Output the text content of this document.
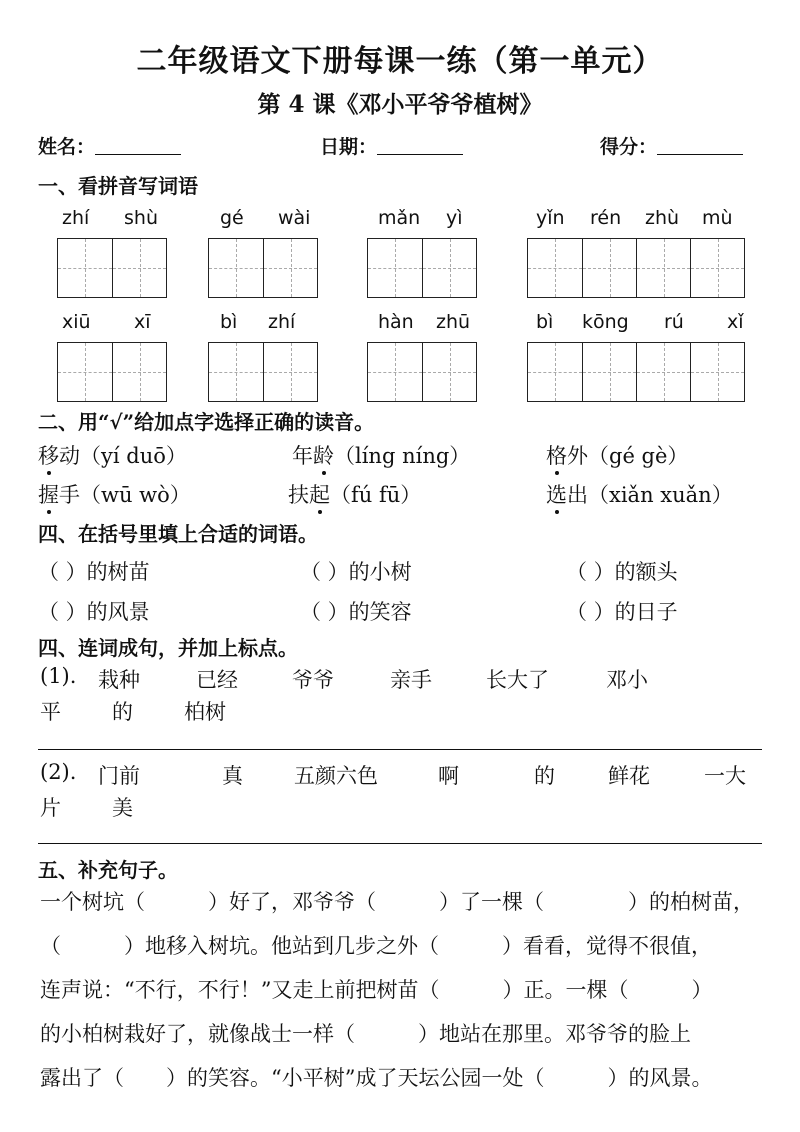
二年级语文下册每课一练（第一单元）
第 4 课《邓小平爷爷植树》
姓名：	日期：	得分：
一、看拼音写词语
zhí shù	gé wài	mǎn yì	yǐn rén zhù mù
xiū xī	bì zhí	hàn zhū	bì kōng rú xǐ
二、用“√”给加点字选择正确的读音。
移动（yí duō）	年龄（líng níng）	格外（gé gè）
握手（wū wò）	扶起（fú fū）	选出（xiǎn xuǎn）
四、在括号里填上合适的词语。
（ ）的树苗	（ ）的小树	（ ）的额头
（ ）的风景	（ ）的笑容	（ ）的日子
四、连词成句，并加上标点。
(1). 栽种	已经	爷爷	亲手	长大了	邓小
平 的 柏树
(2). 门前	真 五颜六色	啊	的	鲜花	一大
片 美
五、补充句子。
一个树坑（　　　）好了，邓爷爷（　　　）了一棵（　　　　）的柏树苗，
（　　　）地移入树坑。他站到几步之外（　　　）看看，觉得不很值，
连声说：“不行，不行！”又走上前把树苗（　　　）正。一棵（　　　）
的小柏树栽好了，就像战士一样（　　　）地站在那里。邓爷爷的脸上
露出了（　　）的笑容。“小平树”成了天坛公园一处（　　　）的风景。
